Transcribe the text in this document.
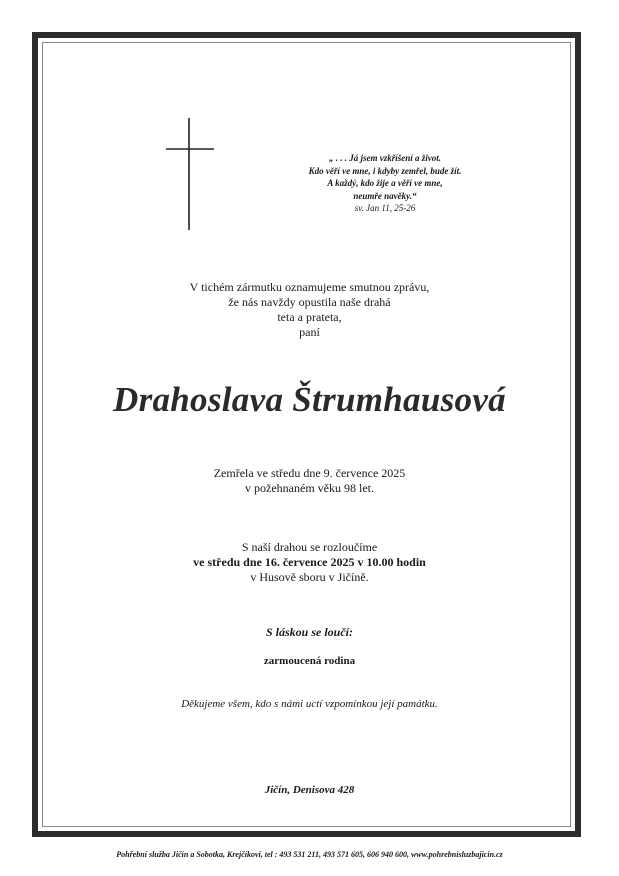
„ . . . Já jsem vzkříšení a život.
Kdo věří ve mne, i kdyby zemřel, bude žít.
A každý, kdo žije a věří ve mne,
neumře navěky.“
sv. Jan 11, 25-26
V tichém zármutku oznamujeme smutnou zprávu,
že nás navždy opustila naše drahá
teta a prateta,
paní
Drahoslava Štrumhausová
Zemřela ve středu dne 9. července 2025
v požehnaném věku 98 let.
S naší drahou se rozloučíme
ve středu dne 16. července 2025 v 10.00 hodin
v Husově sboru v Jičíně.
S láskou se loučí:
zarmoucená rodina
Děkujeme všem, kdo s námi uctí vzpomínkou její památku.
Jičín, Denisova 428
Pohřební služba Jičín a Sobotka, Krejčíkovi, tel : 493 531 211, 493 571 605, 606 940 600, www.pohrebnisluzbajicin.cz
